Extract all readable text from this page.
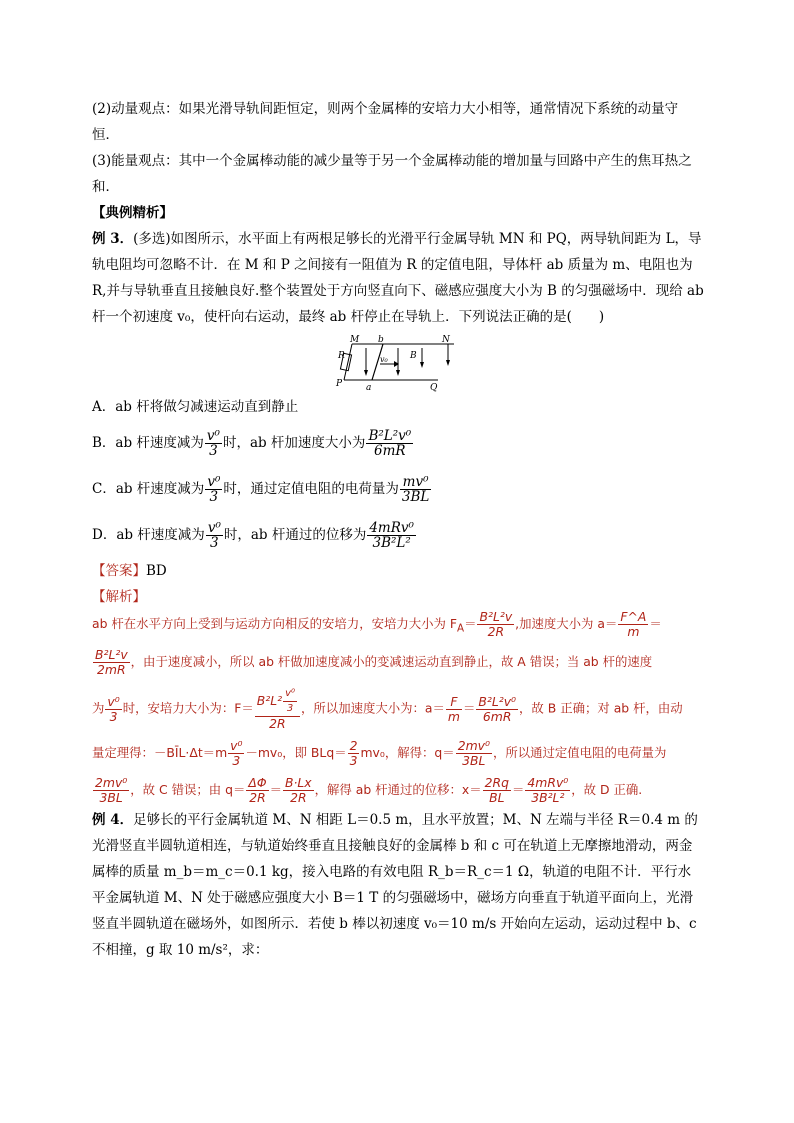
(2)动量观点：如果光滑导轨间距恒定，则两个金属棒的安培力大小相等，通常情况下系统的动量守恒．

(3)能量观点：其中一个金属棒动能的减少量等于另一个金属棒动能的增加量与回路中产生的焦耳热之和．

【典例精析】

例 3．(多选)如图所示，水平面上有两根足够长的光滑平行金属导轨 MN 和 PQ，两导轨间距为 L，导轨电阻均可忽略不计．在 M 和 P 之间接有一阻值为 R 的定值电阻，导体杆 ab 质量为 m、电阻也为 R,并与导轨垂直且接触良好.整个装置处于方向竖直向下、磁感应强度大小为 B 的匀强磁场中．现给 ab 杆一个初速度 v₀，使杆向右运动，最终 ab 杆停止在导轨上．下列说法正确的是(　　)

M b	N
R	B
v₀
P	a	Q

A．ab 杆将做匀减速运动直到静止

B．ab 杆速度减为 $\frac{\text{v⁰}}{3}$ 时，ab 杆加速度大小为 $\frac{\text{B²L²v⁰}}{6mR}$
C．ab 杆速度减为 $\frac{\text{v⁰}}{3}$ 时，通过定值电阻的电荷量为 $\frac{\text{mv⁰}}{3BL}$
D．ab 杆速度减为 $\frac{\text{v⁰}}{3}$ 时，ab 杆通过的位移为 $\frac{\text{4mRv⁰}}{\text{3B²L²}}$

【答案】BD

【解析】

ab 杆在水平方向上受到与运动方向相反的安培力，安培力大小为 $F_A= \frac{\text{B²L²v}}{2R}$ ,加速度大小为 $a= \frac{F\^{}A}{m}$ ＝
$\frac{\text{B²L²v}}{2mR}$ ，由于速度减小，所以 ab 杆做加速度减小的变减速运动直到静止，故 A 错误；当 ab 杆的速度
为 $\frac{\text{v⁰}}{3}$ 时，安培力大小为：$F= \frac{B^2L^2 \frac{\text{v⁰}}{3}}{2R}$ ，所以加速度大小为：$a= \frac{F}{m} = \frac{\text{B²L²v⁰}}{6mR}$ ，故 B 正确；对 ab 杆，由动
量定理得：－BĪL·Δt＝m $\frac{\text{v⁰}}{3} -mv_0$，即 $BLq= \frac{2}{3} mv_0$，解得：$q= \frac{\text{2mv⁰}}{3BL}$ ，所以通过定值电阻的电荷量为
$\frac{\text{2mv⁰}}{3BL}$ ，故 C 错误；由 $q= \frac{\Delta\Phi}{2R} = \frac{B\cdot Lx}{2R}$ ，解得 ab 杆通过的位移：$x= \frac{2Rq}{BL} = \frac{\text{4mRv⁰}}{\text{3B²L²}}$ ，故 D 正确.

例 4．足够长的平行金属轨道 M、N 相距 L＝0.5 m，且水平放置；M、N 左端与半径 R＝0.4 m 的光滑竖直半圆轨道相连，与轨道始终垂直且接触良好的金属棒 b 和 c 可在轨道上无摩擦地滑动，两金属棒的质量 m_b＝m_c＝0.1 kg，接入电路的有效电阻 R_b＝R_c＝1 Ω，轨道的电阻不计．平行水平金属轨道 M、N 处于磁感应强度大小 B＝1 T 的匀强磁场中，磁场方向垂直于轨道平面向上，光滑竖直半圆轨道在磁场外，如图所示．若使 b 棒以初速度 v₀＝10 m/s 开始向左运动，运动过程中 b、c 不相撞，g 取 10 m/s²，求：
